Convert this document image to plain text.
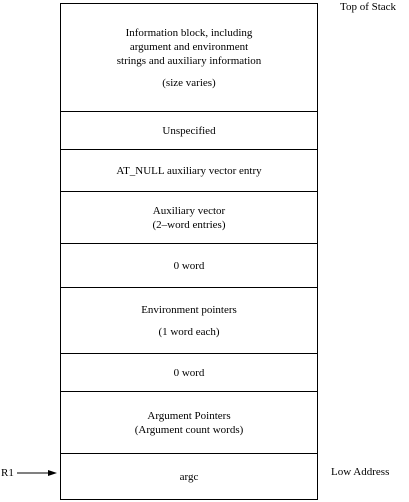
Information block, including
argument and environment
strings and auxiliary information
(size varies)
Unspecified
AT_NULL auxiliary vector entry
Auxiliary vector
(2–word entries)
0 word
Environment pointers
(1 word each)
0 word
Argument Pointers
(Argument count words)
argc
Top of Stack
Low Address
R1
